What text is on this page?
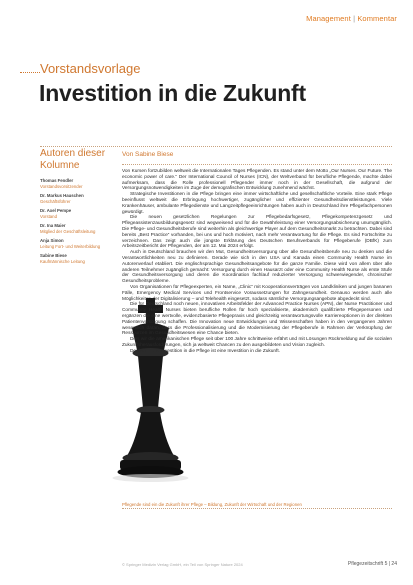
Management | Kommentar
Vorstandsvorlage
Investition in die Zukunft
Autoren dieser Kolumne
Thomas Fendler
Vorstandsvorsitzender
Dr. Markus Hauschen
Geschäftsführer
Dr. Axel Pempe
Vorstand
Dr. Ina Maier
Mitglied der Geschäftsleitung
Anja Simon
Leitung Fort- und Weiterbildung
Sabine Biese
Kaufmännische Leitung
Von Sabine Biese

Von Kursen fortzubilden weltweit die Internationalen Tages Pflegenden. Es stand unter dem Motto „Our Nurses. Our Future. The economic power of care.“ Der International Council of Nurses (ICN), der Weltverband für berufliche Pflegende, machte dabei aufmerksam, dass die Rolle professionell Pflegender immer noch in der Gesellschaft, die aufgrund der Versorgungsnotwendigkeiten im Zuge der demografischen Entwicklung zunehmend wächst.

Strategische Investitionen in die Pflege bringen eine immer wirtschaftliche und gesellschaftliche Vorteile. Eine stark Pflege beeinflusst weltweit die Erbringung hochwertiger, zugänglicher und effizienter Gesundheitsdienstleistungen. Viele Krankenhäuser, ambulante Pflegedienste und Langzeitpflegeeinrichtungen haben auch in Deutschland ihre Pflegefachpersonen gewürdigt.

Die neuen gesetzlichen Regelungen zur Pflegebedarfsgesetz, Pflegekompetenzgesetz und Pflegeassistenzausbildungsgesetz sind wegweisend und für die Gewährleistung einer Versorgungsabsicherung unumgänglich. Die Pflege- und Gesundheitsberufe sind weiterhin als gleichwertige Player auf dem Gesundheitsmarkt zu betrachten. Dabei sind bereits „Best Practice“ vorhanden, bei uns und hoch motiviert, nach mehr Verantwortung für die Pflege. Es sind Fortschritte zu verzeichnen. Das zeigt auch die jüngste Erklärung des Deutschen Berufsverbands für Pflegeberufe (DBfK) zum Arbeitszeitbericht der Pflegenden, der am 12. Mai 2024 erfolgt.

Auch in Deutschland brauchen wir den Mut, Gesundheitsversorgung über alle Gesundheitsberufe neu zu denken und die Verantwortlichkeiten neu zu definieren. Gerade wie sich in den USA und Kanada einen Community Health Nurse im Autorenverlauf etabliert. Die englischsprachige Gesundheitsangebote für die ganze Familie. Diese wird von allem über alle anderen Teilnehmer zugänglich gemacht: Versorgung durch einen Hausarzt oder eine Community Health Nurse als erste Stufe der Gesundheitsversorgung und deren die Koordination fachlauf reduzierter Versorgung schwerwiegender, chronischer Gesundheitsprobleme.

Von Organisationen für Pflegeexperten, ein Name, „Clinic“ mit Kooperationsverträgen von Landkliniken und jungen bananen Fälle, Emergency Medical Services und Frontservice Voraussetzungen für Zahngesundheit. Genauso werden auch alle Möglichkeiten der Digitalisierung – und Telehealth eingesetzt, sodass sämtliche Versorgungsangebote abgedeckt sind.

Die für Deutschland noch neuen, innovativen Arbeitsfelder der Advanced Practice Nurses (APN), der Nurse Practitioner und Community Health Nurses bieten berufliche Rollen für hoch spezialisierte, akademisch qualifizierte Pflegepersonen und ergänzen die eine wertvolle, evidenzbasierte Pflegepraxis und gleichzeitig verantwortungsvolle Karriereoptionen in der direkten Patientenversorgung schaffen. Die Innovation neue Entwicklungen und Wissenschaften haben in den vergangenen Jahren wesentlich daran, dass die Professionalisierung und die Modernisierung der Pflegeberufe in Rahmen der Verknüpfung der Ressourcen im Gesundheitswesen eine Chance bieten.

Dies wir die amerikanischen Pflege seit über 100 Jahre schrittweise erfährt und mit Lösungen Rückmeldung auf die sozialen Zukunftsherausforderungen, sich ja weltweit Chancen zu den ausgebildeten und Vision zugleich.

Deshalb: Eine Investition in die Pflege ist eine Investition in die Zukunft.

Pflegende sind ein die Zukunft ihrer Pflege – Bildung, Zukunft der Wirtschaft und der Regionen
© Springer Medizin Verlag GmbH, ein Teil von Springer Nature 2024	Pflegezeitschrift 5 | 24
